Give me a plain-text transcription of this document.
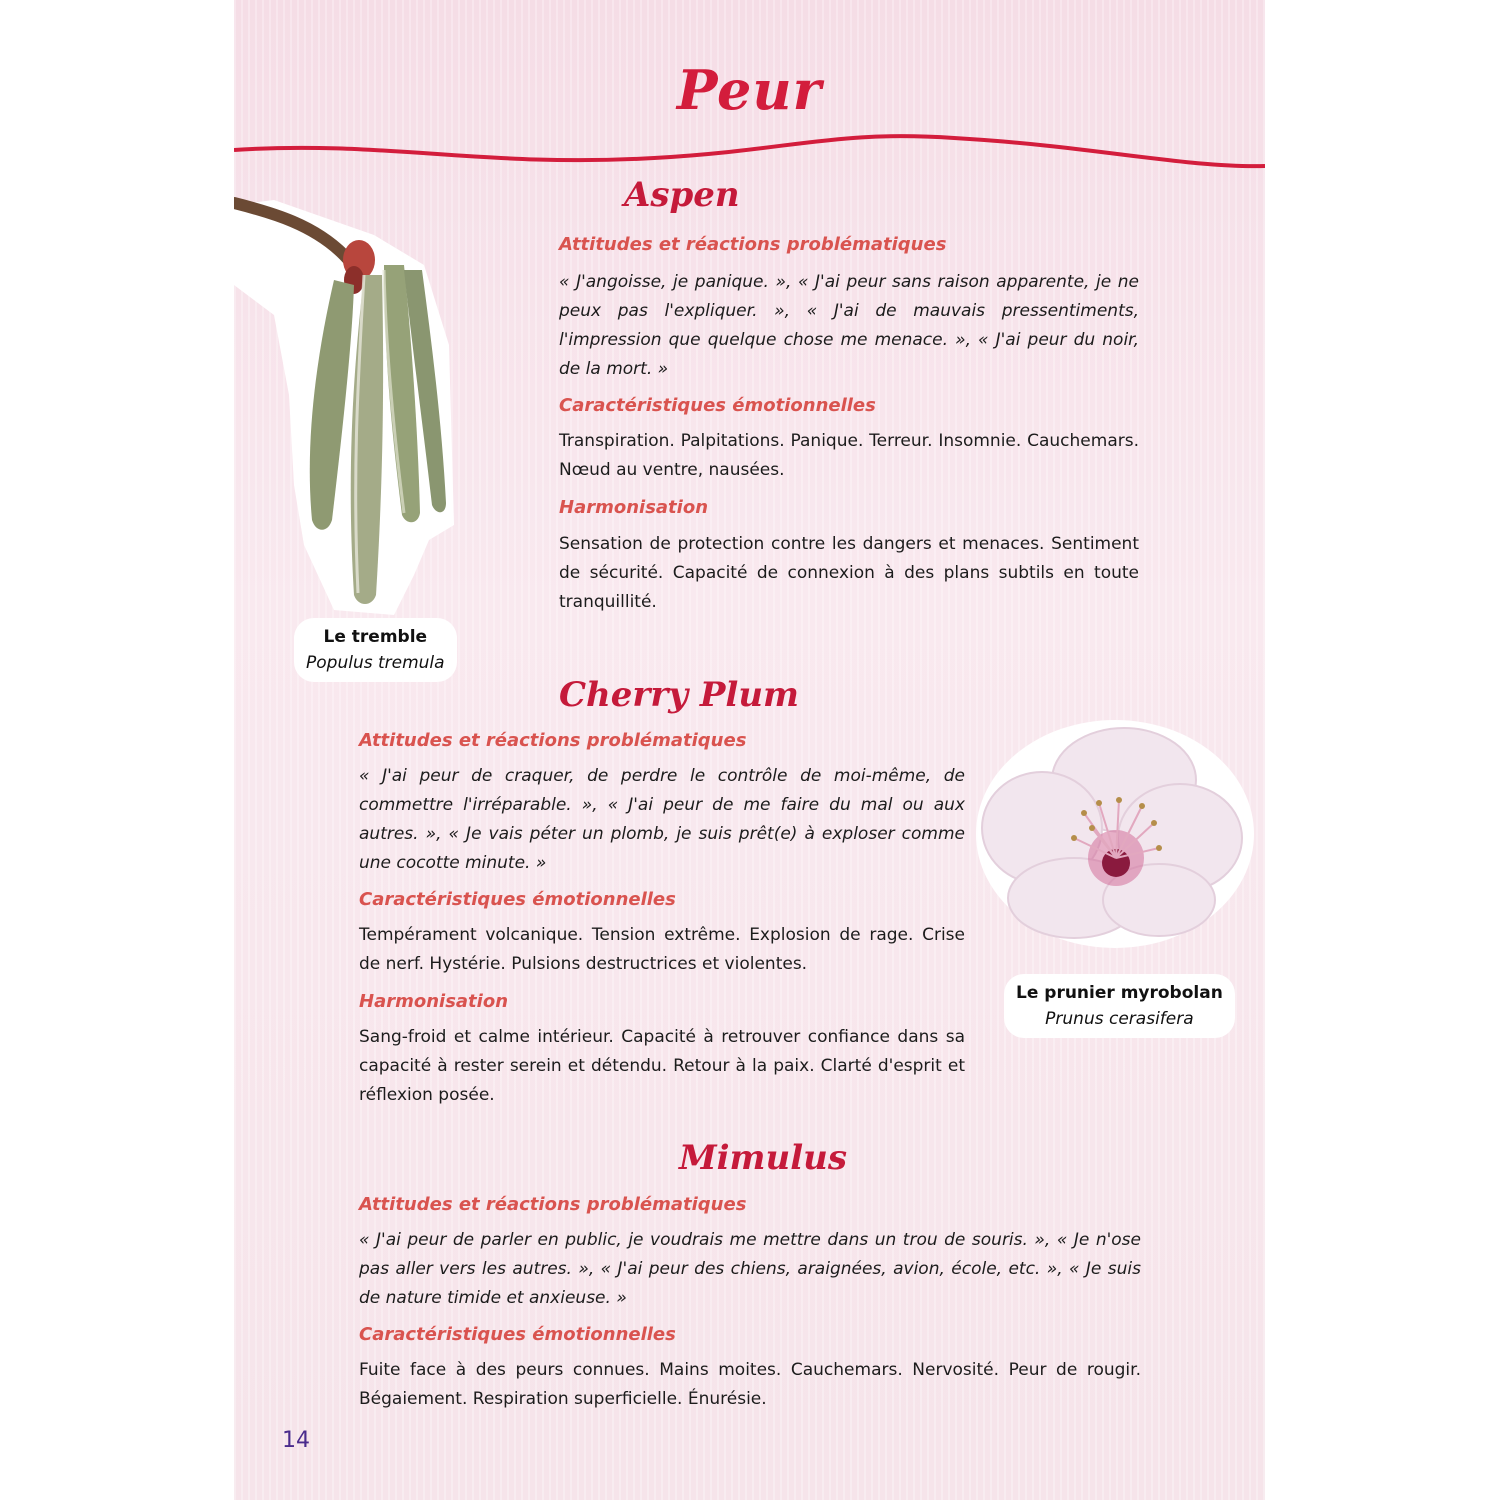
Peur
Le tremble
Populus tremula
Aspen
Attitudes et réactions problématiques
« J'angoisse, je panique. », « J'ai peur sans raison apparente, je ne peux pas l'expliquer. », « J'ai de mauvais pressentiments, l'impression que quelque chose me menace. », « J'ai peur du noir, de la mort. »
Caractéristiques émotionnelles
Transpiration. Palpitations. Panique. Terreur. Insomnie. Cauchemars. Nœud au ventre, nausées.
Harmonisation
Sensation de protection contre les dangers et menaces. Sentiment de sécurité. Capacité de connexion à des plans subtils en toute tranquillité.
Cherry Plum
Attitudes et réactions problématiques
« J'ai peur de craquer, de perdre le contrôle de moi-même, de commettre l'irréparable. », « J'ai peur de me faire du mal ou aux autres. », « Je vais péter un plomb, je suis prêt(e) à exploser comme une cocotte minute. »
Caractéristiques émotionnelles
Tempérament volcanique. Tension extrême. Explosion de rage. Crise de nerf. Hystérie. Pulsions destructrices et violentes.
Harmonisation
Sang-froid et calme intérieur. Capacité à retrouver confiance dans sa capacité à rester serein et détendu. Retour à la paix. Clarté d'esprit et réflexion posée.
Le prunier myrobolan
Prunus cerasifera
Mimulus
Attitudes et réactions problématiques
« J'ai peur de parler en public, je voudrais me mettre dans un trou de souris. », « Je n'ose pas aller vers les autres. », « J'ai peur des chiens, araignées, avion, école, etc. », « Je suis de nature timide et anxieuse. »
Caractéristiques émotionnelles
Fuite face à des peurs connues. Mains moites. Cauchemars. Nervosité. Peur de rougir. Bégaiement. Respiration superficielle. Énurésie.
14
